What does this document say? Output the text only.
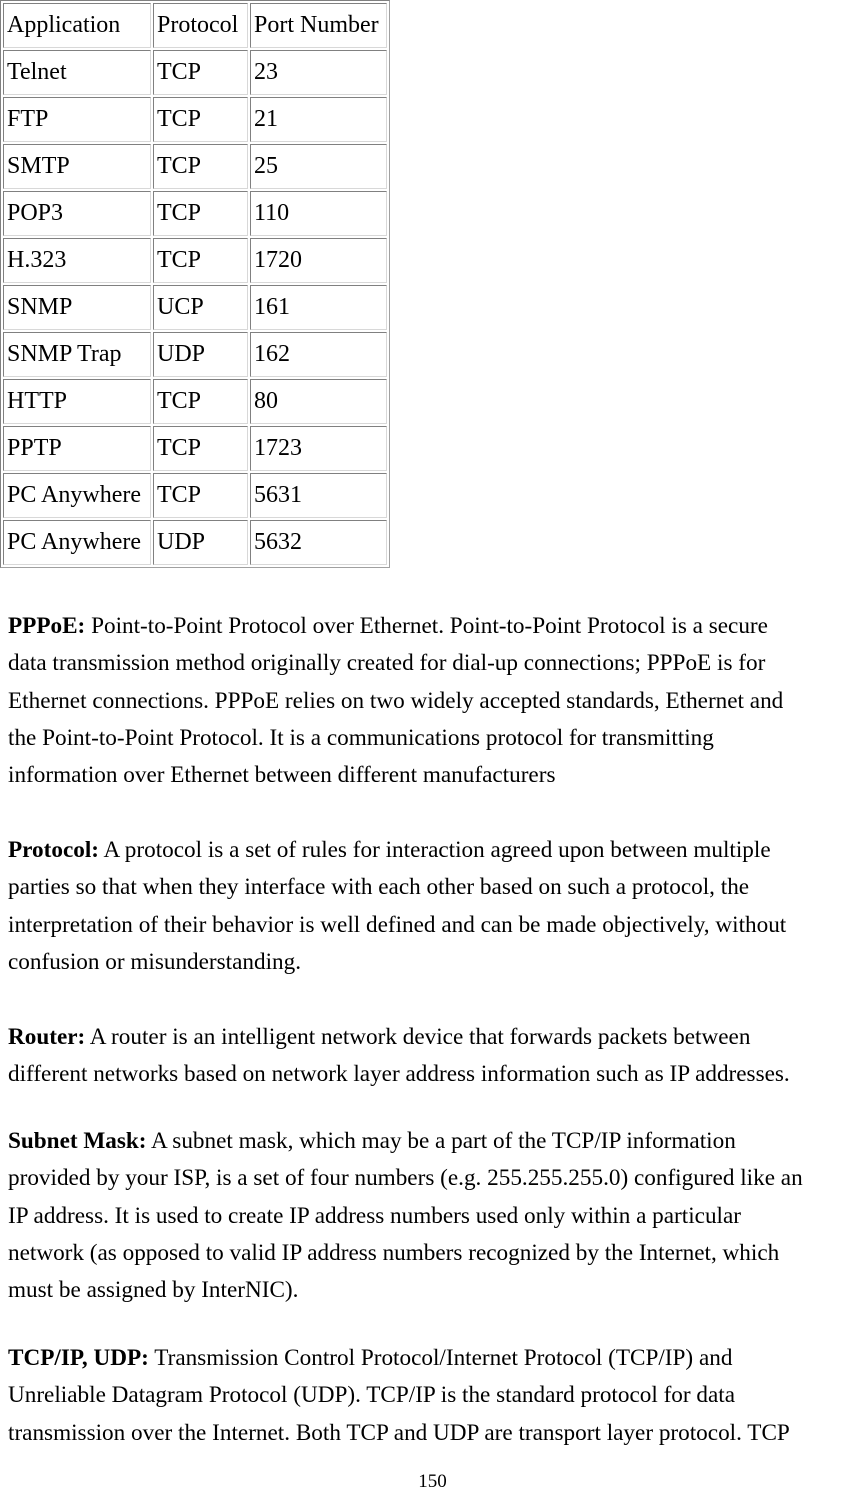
Application	Protocol	Port Number
Telnet	TCP	23
FTP	TCP	21
SMTP	TCP	25
POP3	TCP	110
H.323	TCP	1720
SNMP	UCP	161
SNMP Trap	UDP	162
HTTP	TCP	80
PPTP	TCP	1723
PC Anywhere	TCP	5631
PC Anywhere	UDP	5632

PPPoE: Point-to-Point Protocol over Ethernet. Point-to-Point Protocol is a secure
data transmission method originally created for dial-up connections; PPPoE is for
Ethernet connections. PPPoE relies on two widely accepted standards, Ethernet and
the Point-to-Point Protocol. It is a communications protocol for transmitting
information over Ethernet between different manufacturers

Protocol: A protocol is a set of rules for interaction agreed upon between multiple
parties so that when they interface with each other based on such a protocol, the
interpretation of their behavior is well defined and can be made objectively, without
confusion or misunderstanding.

Router: A router is an intelligent network device that forwards packets between
different networks based on network layer address information such as IP addresses.

Subnet Mask: A subnet mask, which may be a part of the TCP/IP information
provided by your ISP, is a set of four numbers (e.g. 255.255.255.0) configured like an
IP address. It is used to create IP address numbers used only within a particular
network (as opposed to valid IP address numbers recognized by the Internet, which
must be assigned by InterNIC).

TCP/IP, UDP: Transmission Control Protocol/Internet Protocol (TCP/IP) and
Unreliable Datagram Protocol (UDP). TCP/IP is the standard protocol for data
transmission over the Internet. Both TCP and UDP are transport layer protocol. TCP

150
